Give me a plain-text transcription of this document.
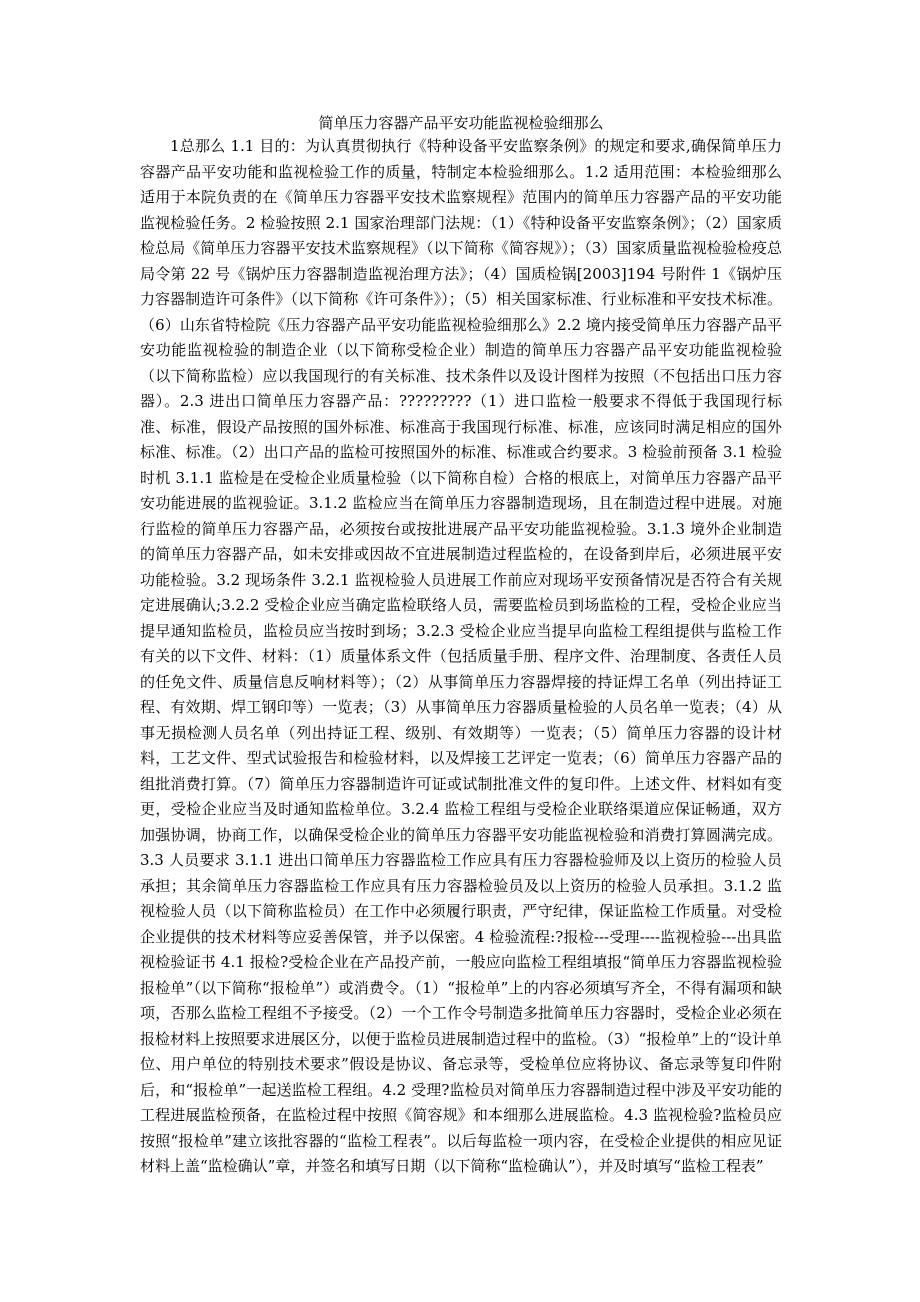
简单压力容器产品平安功能监视检验细那么

1总那么 1.1 目的：为认真贯彻执行《特种设备平安监察条例》的规定和要求,确保简单压力容器产品平安功能和监视检验工作的质量，特制定本检验细那么。1.2 适用范围：本检验细那么适用于本院负责的在《简单压力容器平安技术监察规程》范围内的简单压力容器产品的平安功能监视检验任务。2 检验按照 2.1 国家治理部门法规：（1）《特种设备平安监察条例》；（2）国家质检总局《简单压力容器平安技术监察规程》（以下简称《简容规》）；（3）国家质量监视检验检疫总局令第 22 号《锅炉压力容器制造监视治理方法》；（4）国质检锅[2003]194 号附件 1《锅炉压力容器制造许可条件》（以下简称《许可条件》）；（5）相关国家标准、行业标准和平安技术标准。（6）山东省特检院《压力容器产品平安功能监视检验细那么》2.2 境内接受简单压力容器产品平安功能监视检验的制造企业（以下简称受检企业）制造的简单压力容器产品平安功能监视检验（以下简称监检）应以我国现行的有关标准、技术条件以及设计图样为按照（不包括出口压力容器）。2.3 进出口简单压力容器产品：?????????（1）进口监检一般要求不得低于我国现行标准、标准，假设产品按照的国外标准、标准高于我国现行标准、标准，应该同时满足相应的国外标准、标准。（2）出口产品的监检可按照国外的标准、标准或合约要求。3 检验前预备 3.1 检验时机 3.1.1 监检是在受检企业质量检验（以下简称自检）合格的根底上，对简单压力容器产品平安功能进展的监视验证。3.1.2 监检应当在简单压力容器制造现场，且在制造过程中进展。对施行监检的简单压力容器产品，必须按台或按批进展产品平安功能监视检验。3.1.3 境外企业制造的简单压力容器产品，如未安排或因故不宜进展制造过程监检的，在设备到岸后，必须进展平安功能检验。3.2 现场条件 3.2.1 监视检验人员进展工作前应对现场平安预备情况是否符合有关规定进展确认;3.2.2 受检企业应当确定监检联络人员，需要监检员到场监检的工程，受检企业应当提早通知监检员，监检员应当按时到场；3.2.3 受检企业应当提早向监检工程组提供与监检工作有关的以下文件、材料：（1）质量体系文件（包括质量手册、程序文件、治理制度、各责任人员的任免文件、质量信息反响材料等）；（2）从事简单压力容器焊接的持证焊工名单（列出持证工程、有效期、焊工钢印等）一览表；（3）从事简单压力容器质量检验的人员名单一览表；（4）从事无损检测人员名单（列出持证工程、级别、有效期等）一览表；（5）简单压力容器的设计材料，工艺文件、型式试验报告和检验材料，以及焊接工艺评定一览表；（6）简单压力容器产品的组批消费打算。（7）简单压力容器制造许可证或试制批准文件的复印件。上述文件、材料如有变更，受检企业应当及时通知监检单位。3.2.4 监检工程组与受检企业联络渠道应保证畅通，双方加强协调，协商工作，以确保受检企业的简单压力容器平安功能监视检验和消费打算圆满完成。3.3 人员要求 3.1.1 进出口简单压力容器监检工作应具有压力容器检验师及以上资历的检验人员承担；其余简单压力容器监检工作应具有压力容器检验员及以上资历的检验人员承担。3.1.2 监视检验人员（以下简称监检员）在工作中必须履行职责，严守纪律，保证监检工作质量。对受检企业提供的技术材料等应妥善保管，并予以保密。4 检验流程:?报检---受理----监视检验---出具监视检验证书 4.1 报检?受检企业在产品投产前，一般应向监检工程组填报“简单压力容器监视检验报检单”（以下简称“报检单”）或消费令。（1）“报检单”上的内容必须填写齐全，不得有漏项和缺项，否那么监检工程组不予接受。（2）一个工作令号制造多批简单压力容器时，受检企业必须在报检材料上按照要求进展区分，以便于监检员进展制造过程中的监检。（3）“报检单”上的“设计单位、用户单位的特别技术要求”假设是协议、备忘录等，受检单位应将协议、备忘录等复印件附后，和“报检单”一起送监检工程组。4.2 受理?监检员对简单压力容器制造过程中涉及平安功能的工程进展监检预备，在监检过程中按照《简容规》和本细那么进展监检。4.3 监视检验?监检员应按照“报检单”建立该批容器的“监检工程表”。以后每监检一项内容，在受检企业提供的相应见证材料上盖“监检确认”章，并签名和填写日期（以下简称“监检确认”），并及时填写“监检工程表”
